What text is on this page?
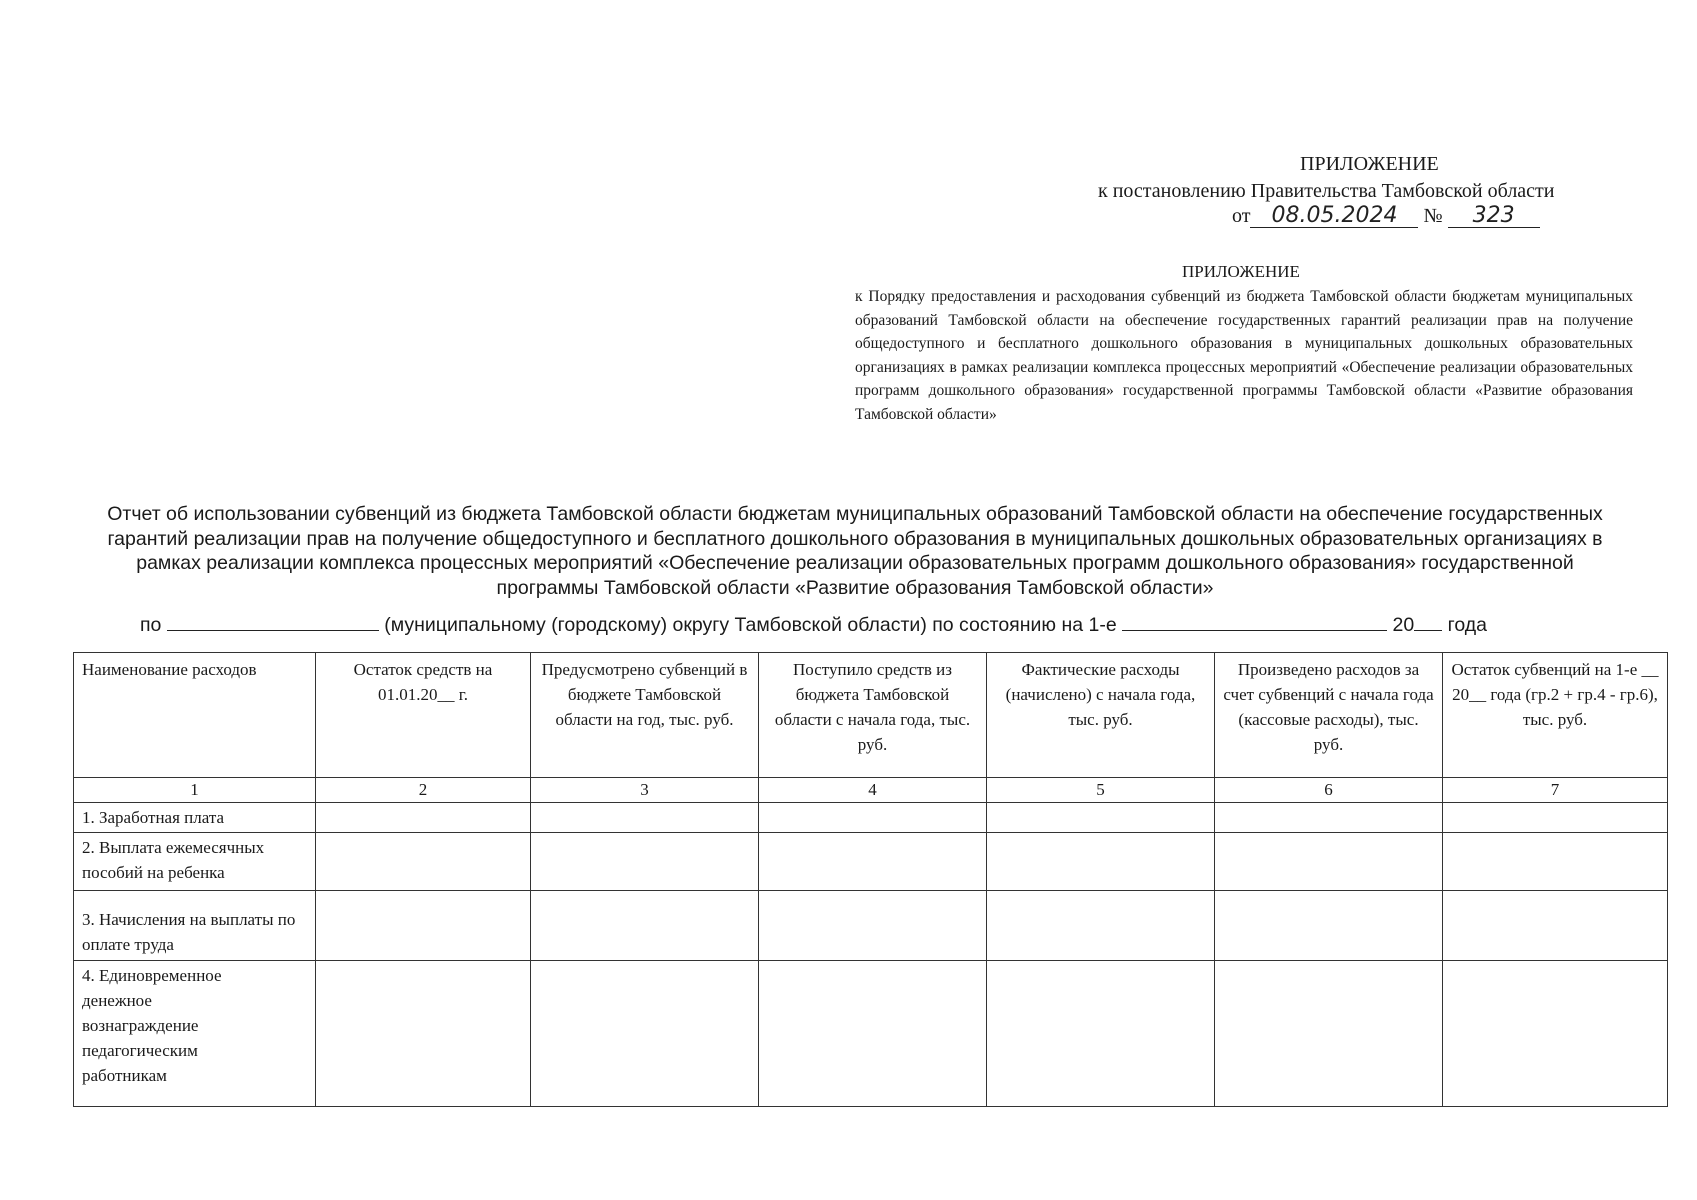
ПРИЛОЖЕНИЕ
к постановлению Правительства Тамбовской области
от 08.05.2024 № 323
ПРИЛОЖЕНИЕ
к Порядку предоставления и расходования субвенций из бюджета Тамбовской области бюджетам муниципальных образований Тамбовской области на обеспечение государственных гарантий реализации прав на получение общедоступного и бесплатного дошкольного образования в муниципальных дошкольных образовательных организациях в рамках реализации комплекса процессных мероприятий «Обеспечение реализации образовательных программ дошкольного образования» государственной программы Тамбовской области «Развитие образования Тамбовской области»
Отчет об использовании субвенций из бюджета Тамбовской области бюджетам муниципальных образований Тамбовской области на обеспечение государственных гарантий реализации прав на получение общедоступного и бесплатного дошкольного образования в муниципальных дошкольных образовательных организациях в рамках реализации комплекса процессных мероприятий «Обеспечение реализации образовательных программ дошкольного образования» государственной программы Тамбовской области «Развитие образования Тамбовской области»
по	(муниципальному (городскому) округу Тамбовской области) по состоянию на 1-е	20 года
Наименование расходов	Остаток средств на 01.01.20__ г.	Предусмотрено субвенций в бюджете Тамбовской области на год, тыс. руб.	Поступило средств из бюджета Тамбовской области с начала года, тыс. руб.	Фактические расходы (начислено) с начала года, тыс. руб.	Произведено расходов за счет субвенций с начала года (кассовые расходы), тыс. руб.	Остаток субвенций на 1-е __ 20__ года (гр.2 + гр.4 - гр.6), тыс. руб.
1	2	3	4	5	6	7
1. Заработная плата						
2. Выплата ежемесячных пособий на ребенка						
3. Начисления на выплаты по оплате труда						
4. Единовременное денежное вознаграждение педагогическим работникам						
